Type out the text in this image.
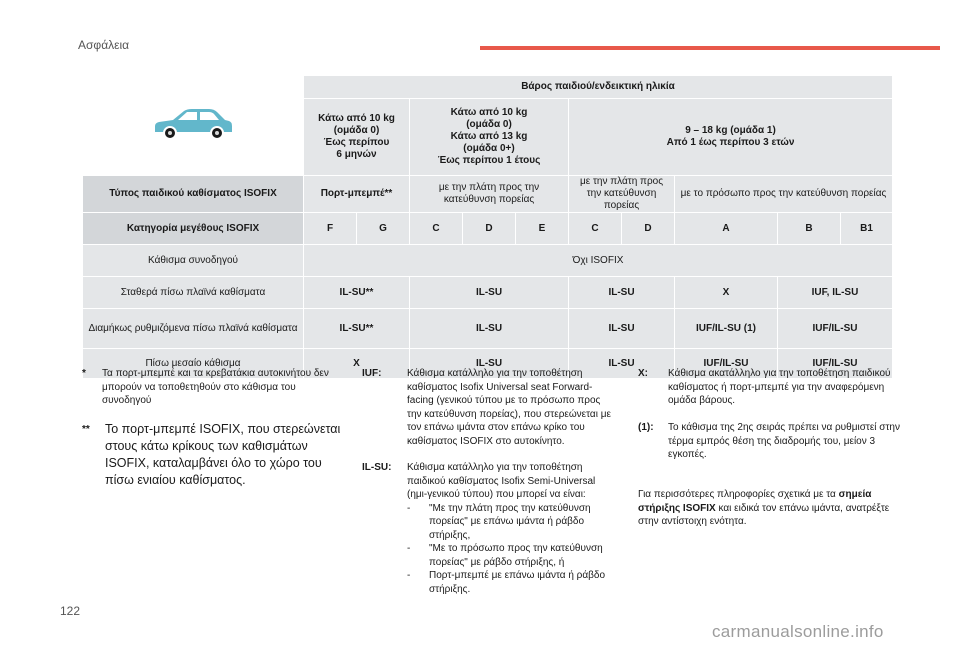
Ασφάλεια
	Βάρος παιδιού/ενδεικτική ηλικία									
	Κάτω από 10 kg
(ομάδα 0)
Έως περίπου
6 μηνών		Κάτω από 10 kg
(ομάδα 0)
Κάτω από 13 kg
(ομάδα 0+)
Έως περίπου 1 έτους			9 – 18 kg (ομάδα 1)
Από 1 έως περίπου 3 ετών				

Τύπος παιδικού καθίσματος ISOFIX	Πορτ-μπεμπέ**		με την πλάτη προς την κατεύθυνση πορείας			με την πλάτη προς την κατεύθυνση πορείας		με το πρόσωπο προς την κατεύθυνση πορείας		
Κατηγορία μεγέθους ISOFIX	F	G	C	D	E	C	D	A	B	B1
Κάθισμα συνοδηγού	Όχι ISOFIX									
Σταθερά πίσω πλαϊνά καθίσματα	IL-SU**		IL-SU			IL-SU		X	IUF, IL-SU	
Διαμήκως ρυθμιζόμενα πίσω πλαϊνά καθίσματα	IL-SU**		IL-SU			IL-SU		IUF/IL-SU (1)	IUF/IL-SU	
Πίσω μεσαίο κάθισμα	X		IL-SU			IL-SU		IUF/IL-SU	IUF/IL-SU	
*	Τα πορτ-μπεμπέ και τα κρεβατάκια αυτοκινήτου δεν μπορούν να τοποθετηθούν στο κάθισμα του συνοδηγού
**	Το πορτ-μπεμπέ ISOFIX, που στερεώνεται στους κάτω κρίκους των καθισμάτων ISOFIX, καταλαμβάνει όλο το χώρο του πίσω ενιαίου καθίσματος.
IUF:	Κάθισμα κατάλληλο για την τοποθέτηση καθίσματος Isofix Universal seat Forward-facing (γενικού τύπου με το πρόσωπο προς την κατεύθυνση πορείας), που στερεώνεται με τον επάνω ιμάντα στον επάνω κρίκο του καθίσματος ISOFIX στο αυτοκίνητο.
IL-SU:	Κάθισμα κατάλληλο για την τοποθέτηση παιδικού καθίσματος Isofix Semi-Universal (ημι-γενικού τύπου) που μπορεί να είναι:
-	"Με την πλάτη προς την κατεύθυνση πορείας" με επάνω ιμάντα ή ράβδο στήριξης,
-	"Με το πρόσωπο προς την κατεύθυνση πορείας" με ράβδο στήριξης, ή
-	Πορτ-μπεμπέ με επάνω ιμάντα ή ράβδο στήριξης.
X:	Κάθισμα ακατάλληλο για την τοποθέτηση παιδικού καθίσματος ή πορτ-μπεμπέ για την αναφερόμενη ομάδα βάρους.
(1):	Το κάθισμα της 2ης σειράς πρέπει να ρυθμιστεί στην τέρμα εμπρός θέση της διαδρομής του, μείον 3 εγκοπές.
Για περισσότερες πληροφορίες σχετικά με τα σημεία στήριξης ISOFIX και ειδικά τον επάνω ιμάντα, ανατρέξτε στην αντίστοιχη ενότητα.
122
carmanualsonline.info
